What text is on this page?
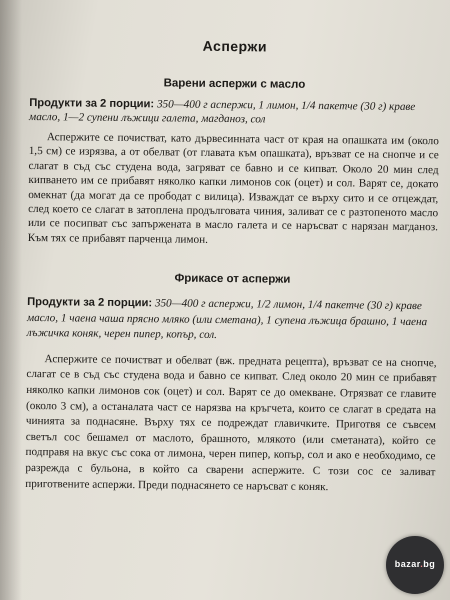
Аспержи
Варени аспержи с масло

Продукти за 2 порции: 350—400 г аспержи, 1 лимон, 1/4 пакетче (30 г) краве масло, 1—2 супени лъжици галета, магданоз, сол

Аспержите се почистват, като дървесинната част от края на опашката им (около 1,5 см) се изрязва, а от обелват (от главата към опашката), връзват се на снопче и се слагат в съд със студена вода, загряват се бавно и се кипват. Около 20 мин след кипването им се прибавят няколко капки лимонов сок (оцет) и сол. Варят се, докато омекнат (да могат да се прободат с вилица). Изваждат се върху сито и се отцеждат, след което се слагат в затоплена продълговата чиния, заливат се с разтопеното масло или се посипват със запържената в масло галета и се наръсват с нарязан магданоз. Към тях се прибавят парченца лимон.

Фрикасе от аспержи

Продукти за 2 порции: 350—400 г аспержи, 1/2 лимон, 1/4 пакетче (30 г) краве масло, 1 чаена чаша прясно мляко (или сметана), 1 супена лъжица брашно, 1 чаена лъжичка коняк, черен пипер, копър, сол.

Аспержите се почистват и обелват (вж. предната рецепта), връзват се на снопче, слагат се в съд със студена вода и бавно се кипват. След около 20 мин се прибавят няколко капки лимонов сок (оцет) и сол. Варят се до омекване. Отрязват се главите (около 3 см), а останалата част се нарязва на кръгчета, които се слагат в средата на чинията за поднасяне. Върху тях се подреждат главичките. Приготвя се съвсем светъл сос бешамел от маслото, брашното, млякото (или сметаната), който се подправя на вкус със сока от лимона, черен пипер, копър, сол и ако е необходимо, се разрежда с бульона, в който са сварени аспержите. С този сос се заливат приготвените аспержи. Преди поднасянето се наръсват с коняк.

bazar.bg
